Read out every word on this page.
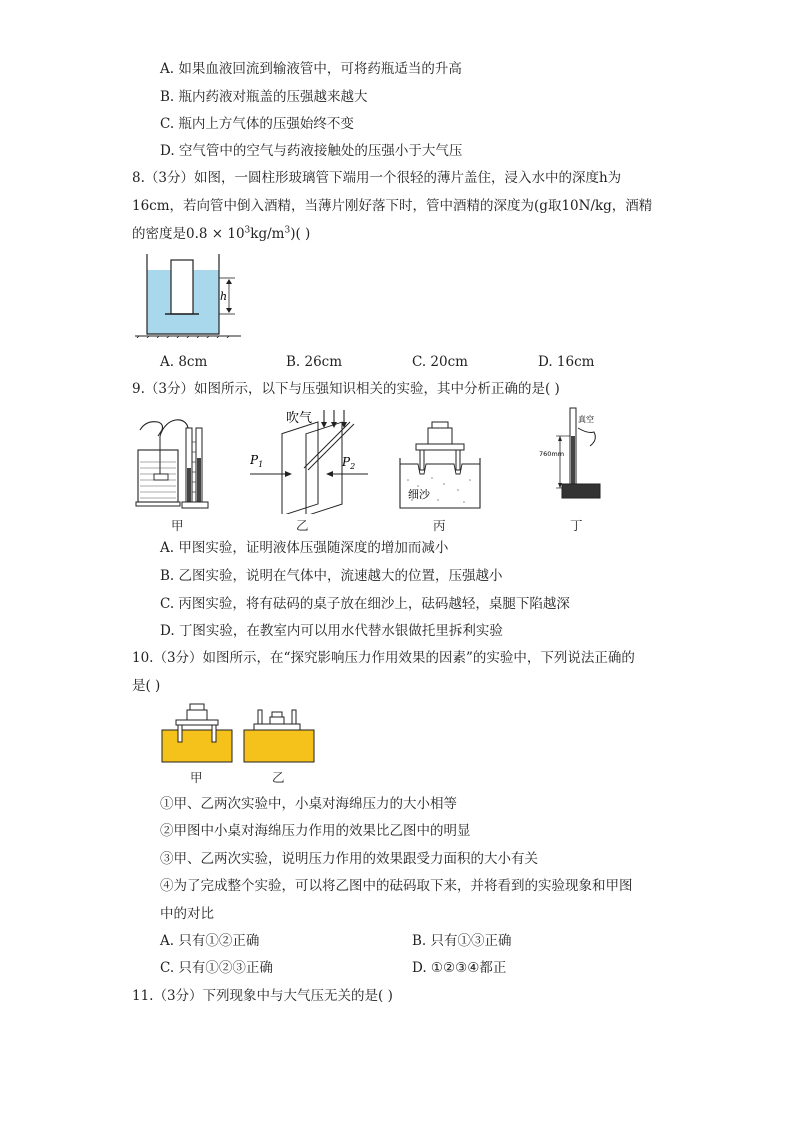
A. 如果血液回流到输液管中，可将药瓶适当的升高
B. 瓶内药液对瓶盖的压强越来越大
C. 瓶内上方气体的压强始终不变
D. 空气管中的空气与药液接触处的压强小于大气压
8.（3分）如图，一圆柱形玻璃管下端用一个很轻的薄片盖住，浸入水中的深度h为
16cm，若向管中倒入酒精，当薄片刚好落下时，管中酒精的深度为(g取10N/kg，酒精
的密度是$0.8 \times 10^3kg/m^3$)( )
h
A. 8cm	B. 26cm	C. 20cm	D. 16cm
9.（3分）如图所示，以下与压强知识相关的实验，其中分析正确的是( )
甲
吹气
$P_1$	$P_2$
乙
细沙
丙
真空
760mm
丁
A. 甲图实验，证明液体压强随深度的增加而减小
B. 乙图实验，说明在气体中，流速越大的位置，压强越小
C. 丙图实验，将有砝码的桌子放在细沙上，砝码越轻，桌腿下陷越深
D. 丁图实验，在教室内可以用水代替水银做托里拆利实验
10.（3分）如图所示，在“探究影响压力作用效果的因素”的实验中，下列说法正确的
是( )
甲	乙
①甲、乙两次实验中，小桌对海绵压力的大小相等
②甲图中小桌对海绵压力作用的效果比乙图中的明显
③甲、乙两次实验，说明压力作用的效果跟受力面积的大小有关
④为了完成整个实验，可以将乙图中的砝码取下来，并将看到的实验现象和甲图
中的对比
A. 只有①②正确	B. 只有①③正确
C. 只有①②③正确	D. ①②③④都正
11.（3分）下列现象中与大气压无关的是( )
